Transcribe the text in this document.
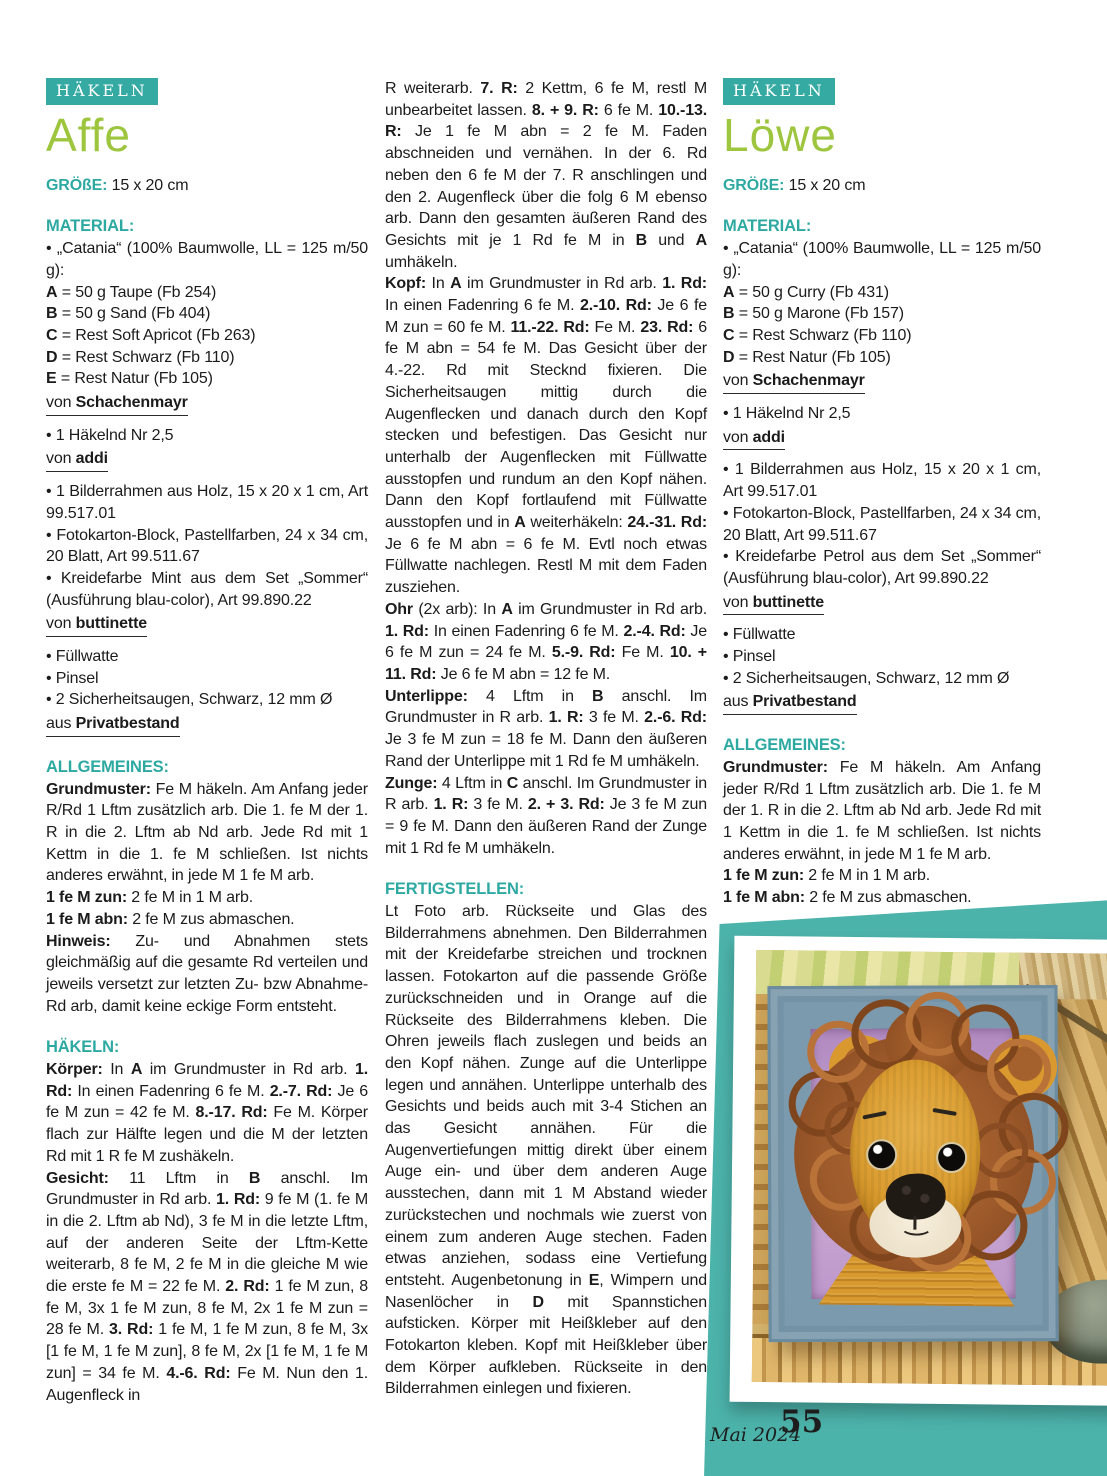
HÄKELN
Affe

GRÖßE: 15 x 20 cm

MATERIAL:

• „Catania“ (100% Baumwolle, LL = 125 m/50 g):

A = 50 g Taupe (Fb 254)

B = 50 g Sand (Fb 404)

C = Rest Soft Apricot (Fb 263)

D = Rest Schwarz (Fb 110)

E = Rest Natur (Fb 105)

von Schachenmayr

• 1 Häkelnd Nr 2,5

von addi

• 1 Bilderrahmen aus Holz, 15 x 20 x 1 cm, Art 99.517.01

• Fotokarton-Block, Pastellfarben, 24 x 34 cm, 20 Blatt, Art 99.511.67

• Kreidefarbe Mint aus dem Set „Sommer“ (Ausführung blau-color), Art 99.890.22

von buttinette

• Füllwatte

• Pinsel

• 2 Sicherheitsaugen, Schwarz, 12 mm Ø

aus Privatbestand

ALLGEMEINES:

Grundmuster: Fe M häkeln. Am Anfang jeder R/Rd 1 Lftm zusätzlich arb. Die 1. fe M der 1. R in die 2. Lftm ab Nd arb. Jede Rd mit 1 Kettm in die 1. fe M schließen. Ist nichts anderes erwähnt, in jede M 1 fe M arb.

1 fe M zun: 2 fe M in 1 M arb.

1 fe M abn: 2 fe M zus abmaschen.

Hinweis: Zu- und Abnahmen stets gleichmäßig auf die gesamte Rd verteilen und jeweils versetzt zur letzten Zu- bzw Abnahme-Rd arb, damit keine eckige Form entsteht.

HÄKELN:

Körper: In A im Grundmuster in Rd arb. 1. Rd: In einen Fadenring 6 fe M. 2.-7. Rd: Je 6 fe M zun = 42 fe M. 8.-17. Rd: Fe M. Körper flach zur Hälfte legen und die M der letzten Rd mit 1 R fe M zushäkeln.

Gesicht: 11 Lftm in B anschl. Im Grundmuster in Rd arb. 1. Rd: 9 fe M (1. fe M in die 2. Lftm ab Nd), 3 fe M in die letzte Lftm, auf der anderen Seite der Lftm-Kette weiterarb, 8 fe M, 2 fe M in die gleiche M wie die erste fe M = 22 fe M. 2. Rd: 1 fe M zun, 8 fe M, 3x 1 fe M zun, 8 fe M, 2x 1 fe M zun = 28 fe M. 3. Rd: 1 fe M, 1 fe M zun, 8 fe M, 3x [1 fe M, 1 fe M zun], 8 fe M, 2x [1 fe M, 1 fe M zun] = 34 fe M. 4.-6. Rd: Fe M. Nun den 1. Augenfleck in

R weiterarb. 7. R: 2 Kettm, 6 fe M, restl M unbearbeitet lassen. 8. + 9. R: 6 fe M. 10.-13. R: Je 1 fe M abn = 2 fe M. Faden abschneiden und vernähen. In der 6. Rd neben den 6 fe M der 7. R anschlingen und den 2. Augenfleck über die folg 6 M ebenso arb. Dann den gesamten äußeren Rand des Gesichts mit je 1 Rd fe M in B und A umhäkeln.

Kopf: In A im Grundmuster in Rd arb. 1. Rd: In einen Fadenring 6 fe M. 2.-10. Rd: Je 6 fe M zun = 60 fe M. 11.-22. Rd: Fe M. 23. Rd: 6 fe M abn = 54 fe M. Das Gesicht über der 4.-22. Rd mit Stecknd fixieren. Die Sicherheitsaugen mittig durch die Augenflecken und danach durch den Kopf stecken und befestigen. Das Gesicht nur unterhalb der Augenflecken mit Füllwatte ausstopfen und rundum an den Kopf nähen. Dann den Kopf fortlaufend mit Füllwatte ausstopfen und in A weiterhäkeln: 24.-31. Rd: Je 6 fe M abn = 6 fe M. Evtl noch etwas Füllwatte nachlegen. Restl M mit dem Faden zusziehen.

Ohr (2x arb): In A im Grundmuster in Rd arb. 1. Rd: In einen Fadenring 6 fe M. 2.-4. Rd: Je 6 fe M zun = 24 fe M. 5.-9. Rd: Fe M. 10. + 11. Rd: Je 6 fe M abn = 12 fe M.

Unterlippe: 4 Lftm in B anschl. Im Grundmuster in R arb. 1. R: 3 fe M. 2.-6. Rd: Je 3 fe M zun = 18 fe M. Dann den äußeren Rand der Unterlippe mit 1 Rd fe M umhäkeln.

Zunge: 4 Lftm in C anschl. Im Grundmuster in R arb. 1. R: 3 fe M. 2. + 3. Rd: Je 3 fe M zun = 9 fe M. Dann den äußeren Rand der Zunge mit 1 Rd fe M umhäkeln.

FERTIGSTELLEN:

Lt Foto arb. Rückseite und Glas des Bilderrahmens abnehmen. Den Bilderrahmen mit der Kreidefarbe streichen und trocknen lassen. Fotokarton auf die passende Größe zurückschneiden und in Orange auf die Rückseite des Bilderrahmens kleben. Die Ohren jeweils flach zuslegen und beids an den Kopf nähen. Zunge auf die Unterlippe legen und annähen. Unterlippe unterhalb des Gesichts und beids auch mit 3-4 Stichen an das Gesicht annähen. Für die Augenvertiefungen mittig direkt über einem Auge ein- und über dem anderen Auge ausstechen, dann mit 1 M Abstand wieder zurückstechen und nochmals wie zuerst von einem zum anderen Auge stechen. Faden etwas anziehen, sodass eine Vertiefung entsteht. Augenbetonung in E, Wimpern und Nasenlöcher in D mit Spannstichen aufsticken. Körper mit Heißkleber auf den Fotokarton kleben. Kopf mit Heißkleber über dem Körper aufkleben. Rückseite in den Bilderrahmen einlegen und fixieren.

HÄKELN
Löwe

GRÖßE: 15 x 20 cm

MATERIAL:

• „Catania“ (100% Baumwolle, LL = 125 m/50 g):

A = 50 g Curry (Fb 431)

B = 50 g Marone (Fb 157)

C = Rest Schwarz (Fb 110)

D = Rest Natur (Fb 105)

von Schachenmayr

• 1 Häkelnd Nr 2,5

von addi

• 1 Bilderrahmen aus Holz, 15 x 20 x 1 cm, Art 99.517.01

• Fotokarton-Block, Pastellfarben, 24 x 34 cm, 20 Blatt, Art 99.511.67

• Kreidefarbe Petrol aus dem Set „Sommer“ (Ausführung blau-color), Art 99.890.22

von buttinette

• Füllwatte

• Pinsel

• 2 Sicherheitsaugen, Schwarz, 12 mm Ø

aus Privatbestand

ALLGEMEINES:

Grundmuster: Fe M häkeln. Am Anfang jeder R/Rd 1 Lftm zusätzlich arb. Die 1. fe M der 1. R in die 2. Lftm ab Nd arb. Jede Rd mit 1 Kettm in die 1. fe M schließen. Ist nichts anderes erwähnt, in jede M 1 fe M arb.

1 fe M zun: 2 fe M in 1 M arb.

1 fe M abn: 2 fe M zus abmaschen.

Mai 2024
55
